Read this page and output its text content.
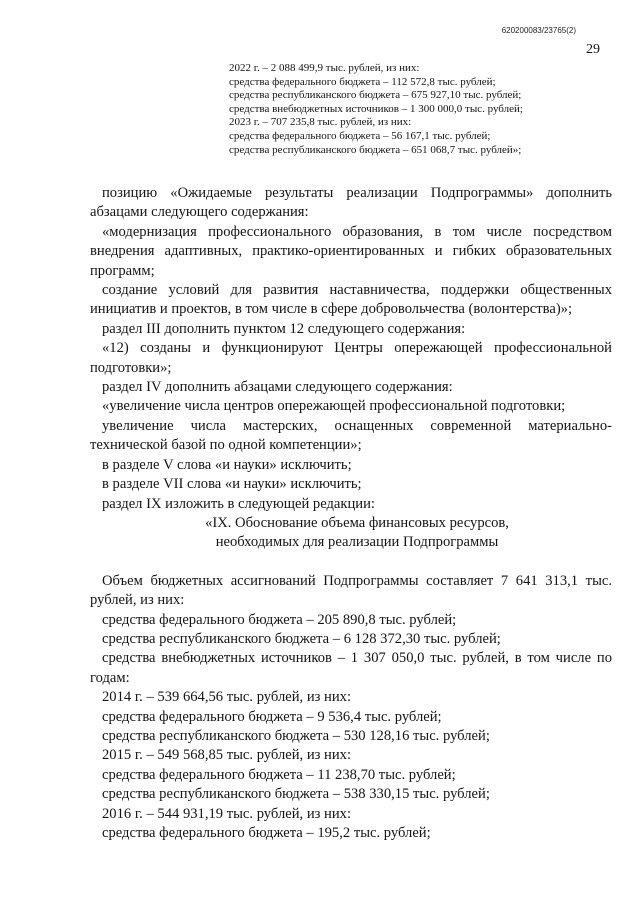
620200083/23765(2)
29
2022 г. – 2 088 499,9 тыс. рублей, из них:
средства федерального бюджета – 112 572,8 тыс. рублей;
средства республиканского бюджета – 675 927,10 тыс. рублей;
средства внебюджетных источников – 1 300 000,0 тыс. рублей;
2023 г. – 707 235,8 тыс. рублей, из них:
средства федерального бюджета – 56 167,1 тыс. рублей;
средства республиканского бюджета – 651 068,7 тыс. рублей»;

позицию «Ожидаемые результаты реализации Подпрограммы» дополнить абзацами следующего содержания:

«модернизация профессионального образования, в том числе посредством внедрения адаптивных, практико-ориентированных и гибких образовательных программ;

создание условий для развития наставничества, поддержки общественных инициатив и проектов, в том числе в сфере добровольчества (волонтерства)»;

раздел III дополнить пунктом 12 следующего содержания:

«12) созданы и функционируют Центры опережающей профессиональной подготовки»;

раздел IV дополнить абзацами следующего содержания:

«увеличение числа центров опережающей профессиональной подготовки;

увеличение числа мастерских, оснащенных современной материально-технической базой по одной компетенции»;

в разделе V слова «и науки» исключить;

в разделе VII слова «и науки» исключить;

раздел IX изложить в следующей редакции:

«IX. Обоснование объема финансовых ресурсов,

необходимых для реализации Подпрограммы

Объем бюджетных ассигнований Подпрограммы составляет 7 641 313,1 тыс. рублей, из них:

средства федерального бюджета – 205 890,8 тыс. рублей;

средства республиканского бюджета – 6 128 372,30 тыс. рублей;

средства внебюджетных источников – 1 307 050,0 тыс. рублей, в том числе по годам:

2014 г. – 539 664,56 тыс. рублей, из них:

средства федерального бюджета – 9 536,4 тыс. рублей;

средства республиканского бюджета – 530 128,16 тыс. рублей;

2015 г. – 549 568,85 тыс. рублей, из них:

средства федерального бюджета – 11 238,70 тыс. рублей;

средства республиканского бюджета – 538 330,15 тыс. рублей;

2016 г. – 544 931,19 тыс. рублей, из них:

средства федерального бюджета – 195,2 тыс. рублей;
